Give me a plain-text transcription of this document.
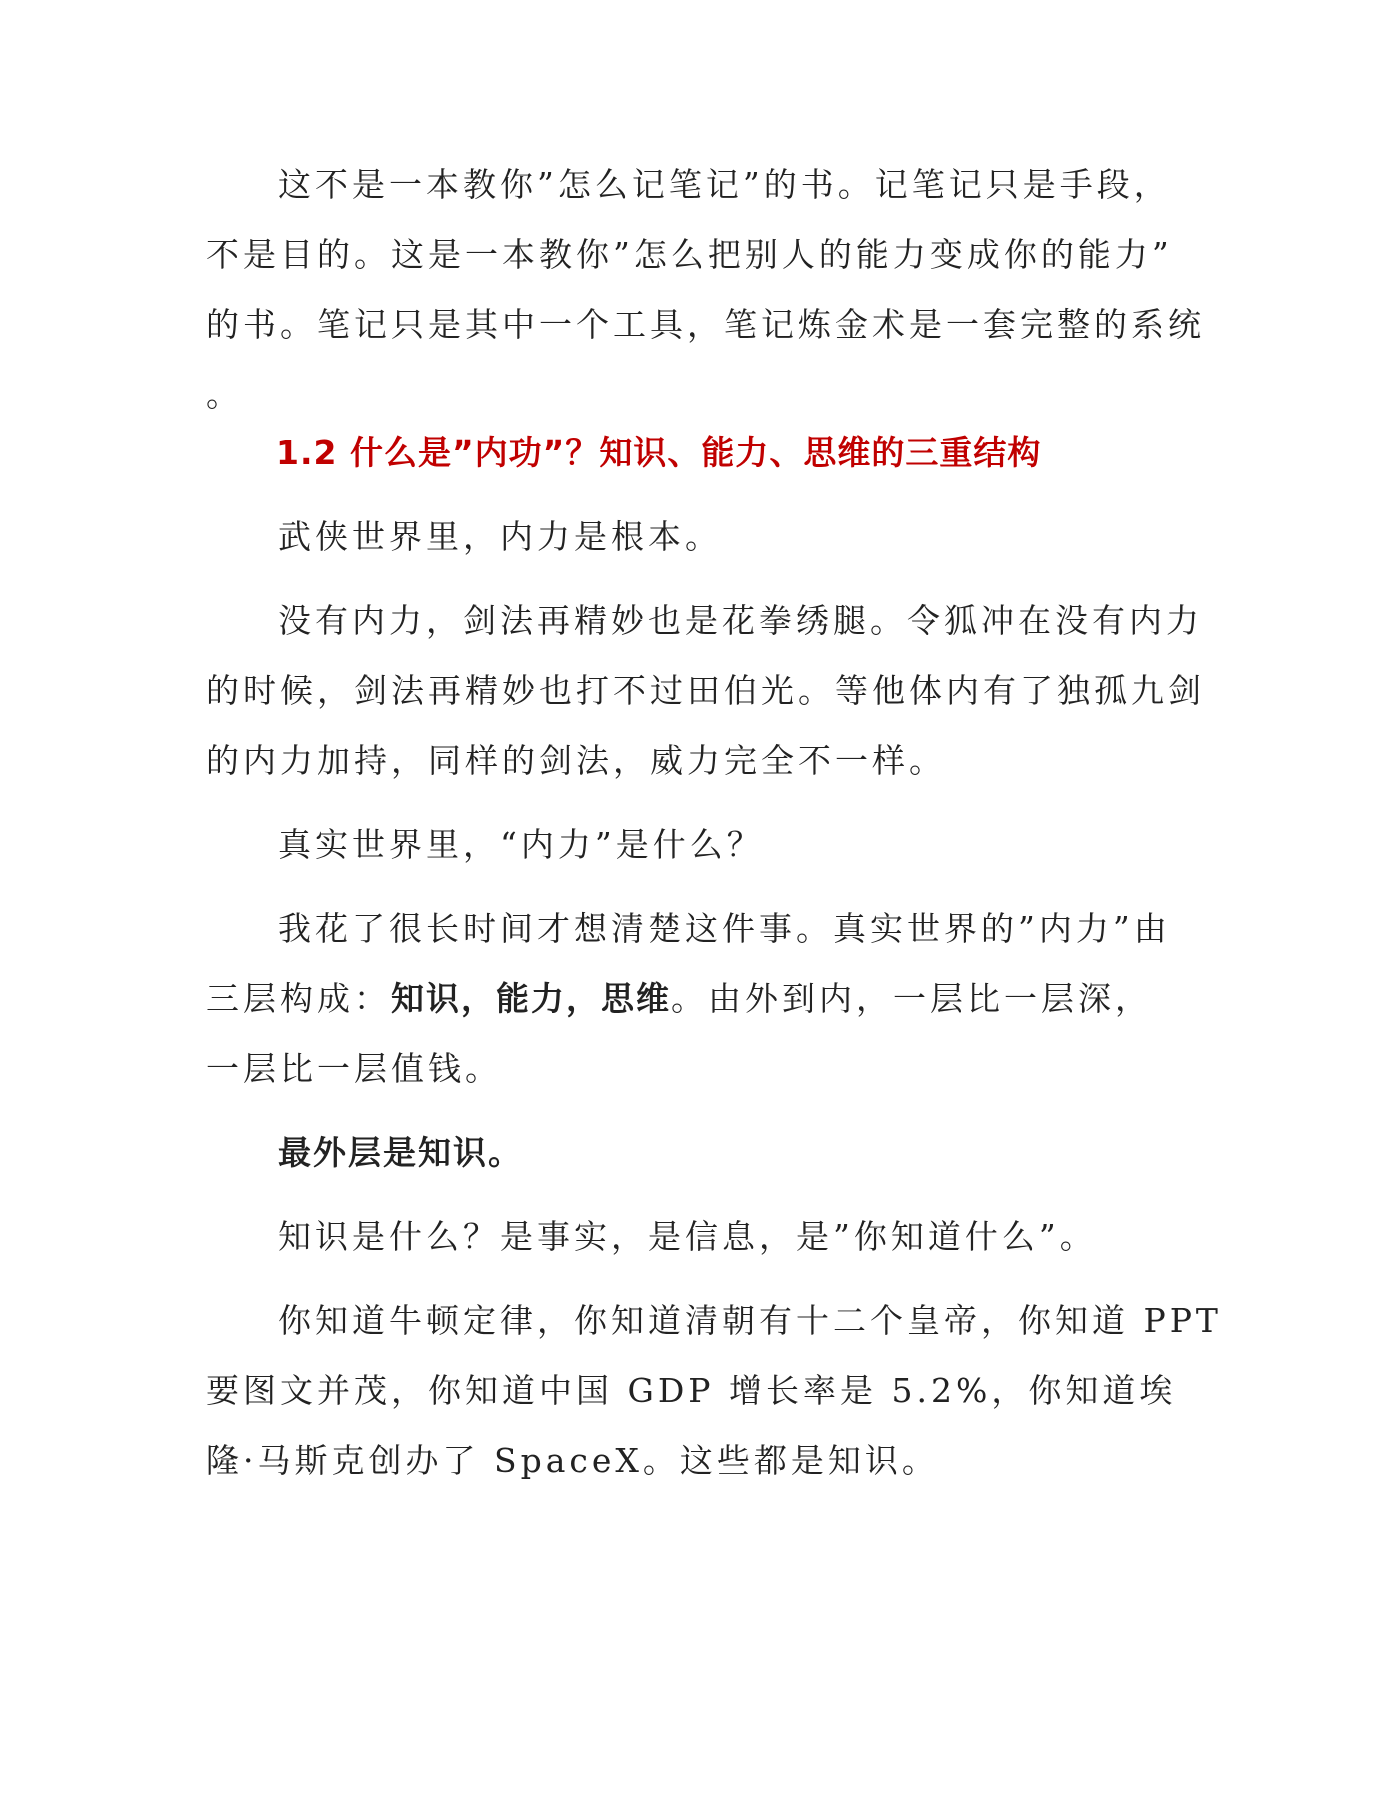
这不是一本教你”怎么记笔记”的书。记笔记只是手段，
不是目的。这是一本教你”怎么把别人的能力变成你的能力”
的书。笔记只是其中一个工具，笔记炼金术是一套完整的系统
。
1.2 什么是”内功”？知识、能力、思维的三重结构
武侠世界里，内力是根本。
没有内力，剑法再精妙也是花拳绣腿。令狐冲在没有内力
的时候，剑法再精妙也打不过田伯光。等他体内有了独孤九剑
的内力加持，同样的剑法，威力完全不一样。
真实世界里，“内力”是什么？
我花了很长时间才想清楚这件事。真实世界的”内力”由
三层构成：知识，能力，思维。由外到内，一层比一层深，
一层比一层值钱。
最外层是知识。
知识是什么？是事实，是信息，是”你知道什么”。
你知道牛顿定律，你知道清朝有十二个皇帝，你知道 PPT
要图文并茂，你知道中国 GDP 增长率是 5.2%，你知道埃
隆·马斯克创办了 SpaceX。这些都是知识。
